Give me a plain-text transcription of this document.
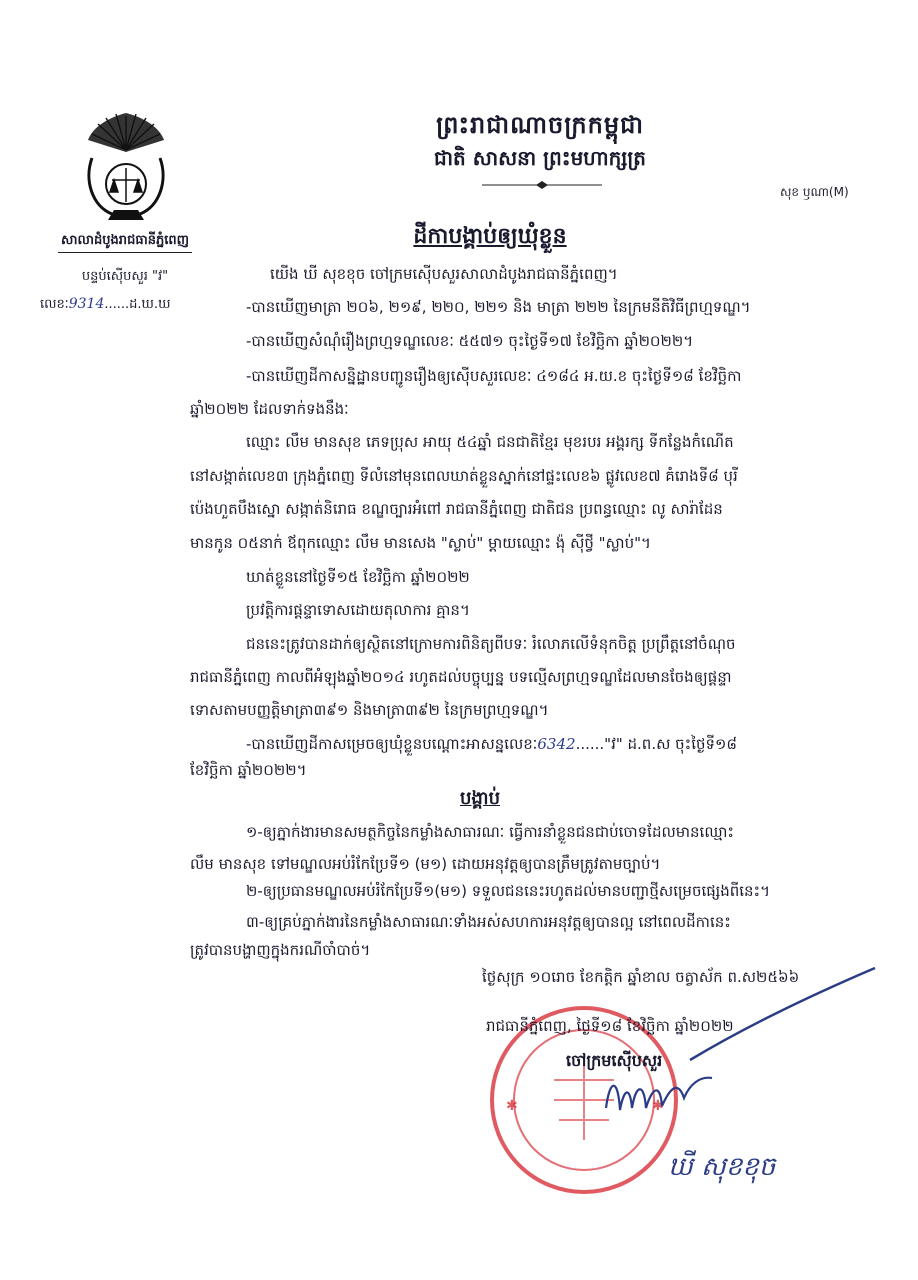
សាលាដំបូងរាជធានីភ្នំពេញ
បន្ទប់ស៊ើបសួរ "វ"
លេខៈ9314......ដ.ឃ.ឃ
ព្រះរាជាណាចក្រកម្ពុជា
ជាតិ សាសនា ព្រះមហាក្សត្រ
សុខ ឫណា(M)
ដីកាបង្គាប់ឲ្យឃុំខ្លួន
យើង ឃី សុខខុច ចៅក្រមស៊ើបសួរសាលាដំបូងរាជធានីភ្នំពេញ។
-បានឃើញមាត្រា ២០៦, ២១៩, ២២០, ២២១ និង មាត្រា ២២២ នៃក្រមនីតិវិធីព្រហ្មទណ្ឌ។
-បានឃើញសំណុំរឿងព្រហ្មទណ្ឌលេខៈ ៥៥៧១ ចុះថ្ងៃទី១៧ ខែវិច្ឆិកា ឆ្នាំ២០២២។
-បានឃើញដីកាសន្និដ្ឋានបញ្ជូនរឿងឲ្យស៊ើបសួរលេខៈ ៤១៨៤ អ.យ.ខ ចុះថ្ងៃទី១៨ ខែវិច្ឆិកា
ឆ្នាំ២០២២ ដែលទាក់ទងនឹងៈ
ឈ្មោះ លឹម មានសុខ ភេទប្រុស អាយុ ៥៤ឆ្នាំ ជនជាតិខ្មែរ មុខរបរ អង្គរក្ស ទីកន្លែងកំណើត
នៅសង្កាត់លេខ៣ ក្រុងភ្នំពេញ ទីលំនៅមុនពេលឃាត់ខ្លួនស្នាក់នៅផ្ទះលេខ៦ ផ្លូវលេខ៧ គំរោងទី៨ បុរី
ប៉េងហួតបឹងស្នោ សង្កាត់និរោធ ខណ្ឌច្បារអំពៅ រាជធានីភ្នំពេញ ជាតិជន ប្រពន្ធឈ្មោះ លូ សារ៉ាដែន
មានកូន ០៥នាក់ ឪពុកឈ្មោះ លឹម មានសេង "ស្លាប់" ម្តាយឈ្មោះ ង៉ុ ស៊ីថ្វី "ស្លាប់"។
ឃាត់ខ្លួននៅថ្ងៃទី១៥ ខែវិច្ឆិកា ឆ្នាំ២០២២
ប្រវត្តិការផ្តន្ទាទោសដោយតុលាការ គ្មាន។
ជននេះត្រូវបានដាក់ឲ្យស្ថិតនៅក្រោមការពិនិត្យពីបទៈ រំលោភលើទំនុកចិត្ត ប្រព្រឹត្តនៅចំណុច
រាជធានីភ្នំពេញ កាលពីអំឡុងឆ្នាំ២០១៤ រហូតដល់បច្ចុប្បន្ន បទល្មើសព្រហ្មទណ្ឌដែលមានចែងឲ្យផ្តន្ទា
ទោសតាមបញ្ញត្តិមាត្រា៣៩១ និងមាត្រា៣៩២ នៃក្រមព្រហ្មទណ្ឌ។
-បានឃើញដីកាសម្រេចឲ្យឃុំខ្លួនបណ្តោះអាសន្នលេខៈ6342......"វ" ដ.ព.ស ចុះថ្ងៃទី១៨
ខែវិច្ឆិកា ឆ្នាំ២០២២។
បង្គាប់
១-ឲ្យភ្នាក់ងារមានសមត្ថកិច្ចនៃកម្លាំងសាធារណៈ ធ្វើការនាំខ្លួនជនជាប់ចោទដែលមានឈ្មោះ
លឹម មានសុខ ទៅមណ្ឌលអប់រំកែប្រែទី១ (ម១) ដោយអនុវត្តឲ្យបានត្រឹមត្រូវតាមច្បាប់។
២-ឲ្យប្រធានមណ្ឌលអប់រំកែប្រែទី១(ម១) ទទួលជននេះរហូតដល់មានបញ្ជាថ្មីសម្រេចផ្សេងពីនេះ។
៣-ឲ្យគ្រប់ភ្នាក់ងារនៃកម្លាំងសាធារណៈទាំងអស់សហការអនុវត្តឲ្យបានល្អ នៅពេលដីកានេះ
ត្រូវបានបង្ហាញក្នុងករណីចាំបាច់។
✱	✱
ថ្ងៃសុក្រ ១០រោច ខែកត្តិក ឆ្នាំខាល ចត្វាស័ក ព.ស២៥៦៦
រាជធានីភ្នំពេញ, ថ្ងៃទី១៨ ខែវិច្ឆិកា ឆ្នាំ២០២២
ចៅក្រមស៊ើបសួរ
ឃី សុខខុច
